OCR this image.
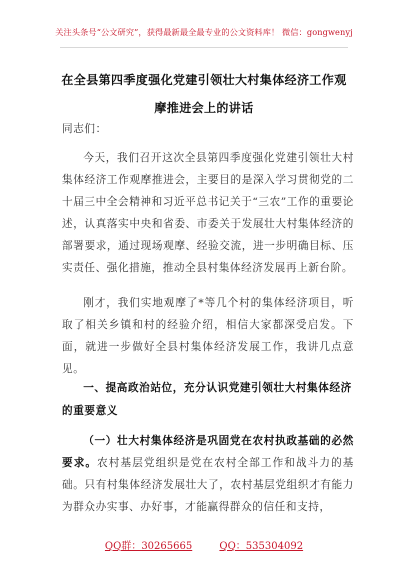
关注头条号“公文研究”，获得最新最全最专业的公文资料库！ 微信：gongwenyj
在全县第四季度强化党建引领壮大村集体经济工作观摩推进会上的讲话
同志们：
今天，我们召开这次全县第四季度强化党建引领壮大村集体经济工作观摩推进会，主要目的是深入学习贯彻党的二十届三中全会精神和习近平总书记关于“三农”工作的重要论述，认真落实中央和省委、市委关于发展壮大村集体经济的部署要求，通过现场观摩、经验交流，进一步明确目标、压实责任、强化措施，推动全县村集体经济发展再上新台阶。
刚才，我们实地观摩了*等几个村的集体经济项目，听取了相关乡镇和村的经验介绍，相信大家都深受启发。下面，就进一步做好全县村集体经济发展工作，我讲几点意见。
一、提高政治站位，充分认识党建引领壮大村集体经济的重要意义
（一）壮大村集体经济是巩固党在农村执政基础的必然要求。农村基层党组织是党在农村全部工作和战斗力的基础。只有村集体经济发展壮大了，农村基层党组织才有能力为群众办实事、办好事，才能赢得群众的信任和支持，
QQ群：30265665	QQ：535304092
